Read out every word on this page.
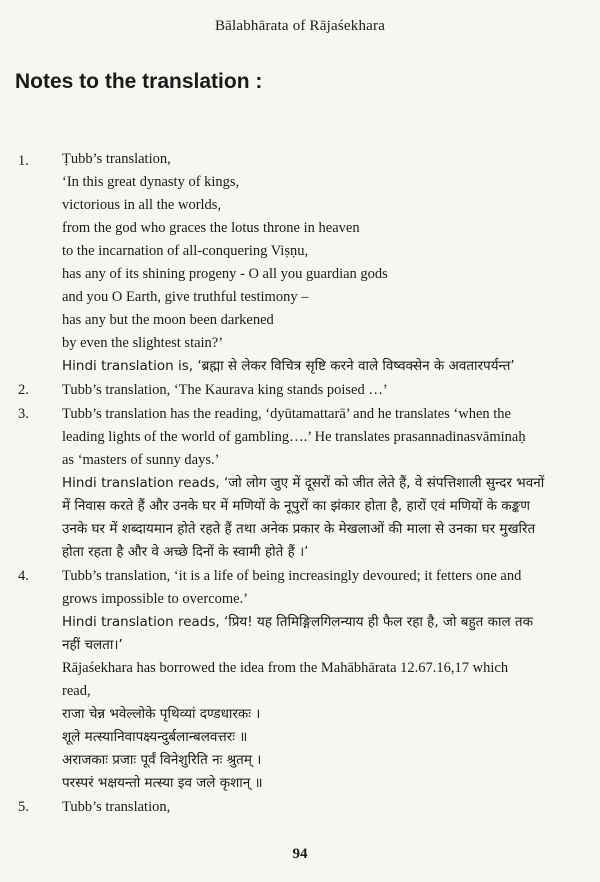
Bālabhārata of Rājaśekhara
Notes to the translation :
1. Ṭubb’s translation,
‘In this great dynasty of kings,
victorious in all the worlds,
from the god who graces the lotus throne in heaven
to the incarnation of all-conquering Viṣṇu,
has any of its shining progeny - O all you guardian gods
and you O Earth, give truthful testimony –
has any but the moon been darkened
by even the slightest stain?’
Hindi translation is, ‘ब्रह्मा से लेकर विचित्र सृष्टि करने वाले विष्वक्सेन के अवतारपर्यन्त’
2. Tubb’s translation, ‘The Kaurava king stands poised …’
3. Tubb’s translation has the reading, ‘dyūtamattarā’ and he translates ‘when the
leading lights of the world of gambling….’ He translates prasannadinasvāminaḥ
as ‘masters of sunny days.’
Hindi translation reads, ‘जो लोग जुए में दूसरों को जीत लेते हैं, वे संपत्तिशाली सुन्दर भवनों
में निवास करते हैं और उनके घर में मणियों के नूपुरों का झंकार होता है, हारों एवं मणियों के कङ्कण
उनके घर में शब्दायमान होते रहते हैं तथा अनेक प्रकार के मेखलाओं की माला से उनका घर मुखरित
होता रहता है और वे अच्छे दिनों के स्वामी होते हैं ।’
4. Tubb’s translation, ‘it is a life of being increasingly devoured; it fetters one and
grows impossible to overcome.’
Hindi translation reads, ‘प्रिय! यह तिमिङ्गिलगिलन्याय ही फैल रहा है, जो बहुत काल तक
नहीं चलता।’
Rājaśekhara has borrowed the idea from the Mahābhārata 12.67.16,17 which
read,
राजा चेन्न भवेल्लोके पृथिव्यां दण्डधारकः ।
शूले मत्स्यानिवापक्ष्यन्दुर्बलान्बलवत्तरः ॥
अराजकाः प्रजाः पूर्वं विनेशुरिति नः श्रुतम् ।
परस्परं भक्षयन्तो मत्स्या इव जले कृशान् ॥
5. Tubb’s translation,
94
